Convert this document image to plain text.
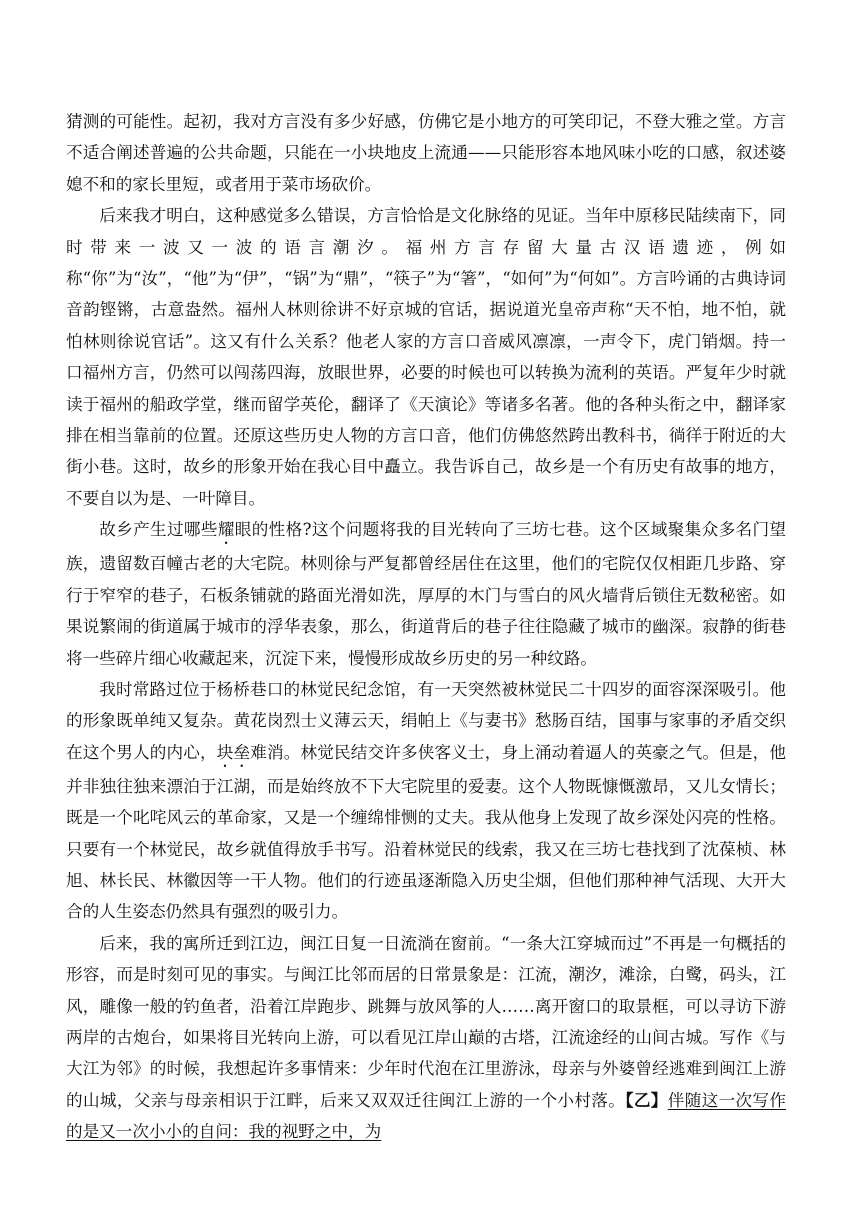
猜测的可能性。起初，我对方言没有多少好感，仿佛它是小地方的可笑印记，不登大雅之堂。方言不适合阐述普遍的公共命题，只能在一小块地皮上流通——只能形容本地风味小吃的口感，叙述婆媳不和的家长里短，或者用于菜市场砍价。

后来我才明白，这种感觉多么错误，方言恰恰是文化脉络的见证。当年中原移民陆续南下，同时带来一波又一波的语言潮汐。福州方言存留大量古汉语遗迹，例如称“你”为“汝”，“他”为“伊”，“锅”为“鼎”，“筷子”为“箸”，“如何”为“何如”。方言吟诵的古典诗词音韵铿锵，古意盎然。福州人林则徐讲不好京城的官话，据说道光皇帝声称“天不怕，地不怕，就怕林则徐说官话”。这又有什么关系？他老人家的方言口音威风凛凛，一声令下，虎门销烟。持一口福州方言，仍然可以闯荡四海，放眼世界，必要的时候也可以转换为流利的英语。严复年少时就读于福州的船政学堂，继而留学英伦，翻译了《天演论》等诸多名著。他的各种头衔之中，翻译家排在相当靠前的位置。还原这些历史人物的方言口音，他们仿佛悠然跨出教科书，徜徉于附近的大街小巷。这时，故乡的形象开始在我心目中矗立。我告诉自己，故乡是一个有历史有故事的地方，不要自以为是、一叶障目。

故乡产生过哪些耀眼的性格?这个问题将我的目光转向了三坊七巷。这个区域聚集众多名门望族，遗留数百幢古老的大宅院。林则徐与严复都曾经居住在这里，他们的宅院仅仅相距几步路、穿行于窄窄的巷子，石板条铺就的路面光滑如洗，厚厚的木门与雪白的风火墙背后锁住无数秘密。如果说繁闹的街道属于城市的浮华表象，那么，街道背后的巷子往往隐藏了城市的幽深。寂静的街巷将一些碎片细心收藏起来，沉淀下来，慢慢形成故乡历史的另一种纹路。

我时常路过位于杨桥巷口的林觉民纪念馆，有一天突然被林觉民二十四岁的面容深深吸引。他的形象既单纯又复杂。黄花岗烈士义薄云天，绢帕上《与妻书》愁肠百结，国事与家事的矛盾交织在这个男人的内心，块垒难消。林觉民结交许多侠客义士，身上涌动着逼人的英豪之气。但是，他并非独往独来漂泊于江湖，而是始终放不下大宅院里的爱妻。这个人物既慷慨激昂，又儿女情长；既是一个叱咤风云的革命家，又是一个缠绵悱恻的丈夫。我从他身上发现了故乡深处闪亮的性格。只要有一个林觉民，故乡就值得放手书写。沿着林觉民的线索，我又在三坊七巷找到了沈葆桢、林旭、林长民、林徽因等一干人物。他们的行迹虽逐渐隐入历史尘烟，但他们那种神气活现、大开大合的人生姿态仍然具有强烈的吸引力。

后来，我的寓所迁到江边，闽江日复一日流淌在窗前。“一条大江穿城而过”不再是一句概括的形容，而是时刻可见的事实。与闽江比邻而居的日常景象是：江流，潮汐，滩涂，白鹭，码头，江风，雕像一般的钓鱼者，沿着江岸跑步、跳舞与放风筝的人……离开窗口的取景框，可以寻访下游两岸的古炮台，如果将目光转向上游，可以看见江岸山巅的古塔，江流途经的山间古城。写作《与大江为邻》的时候，我想起许多事情来：少年时代泡在江里游泳，母亲与外婆曾经逃难到闽江上游的山城，父亲与母亲相识于江畔，后来又双双迁往闽江上游的一个小村落。【乙】伴随这一次写作的是又一次小小的自问：我的视野之中，为
